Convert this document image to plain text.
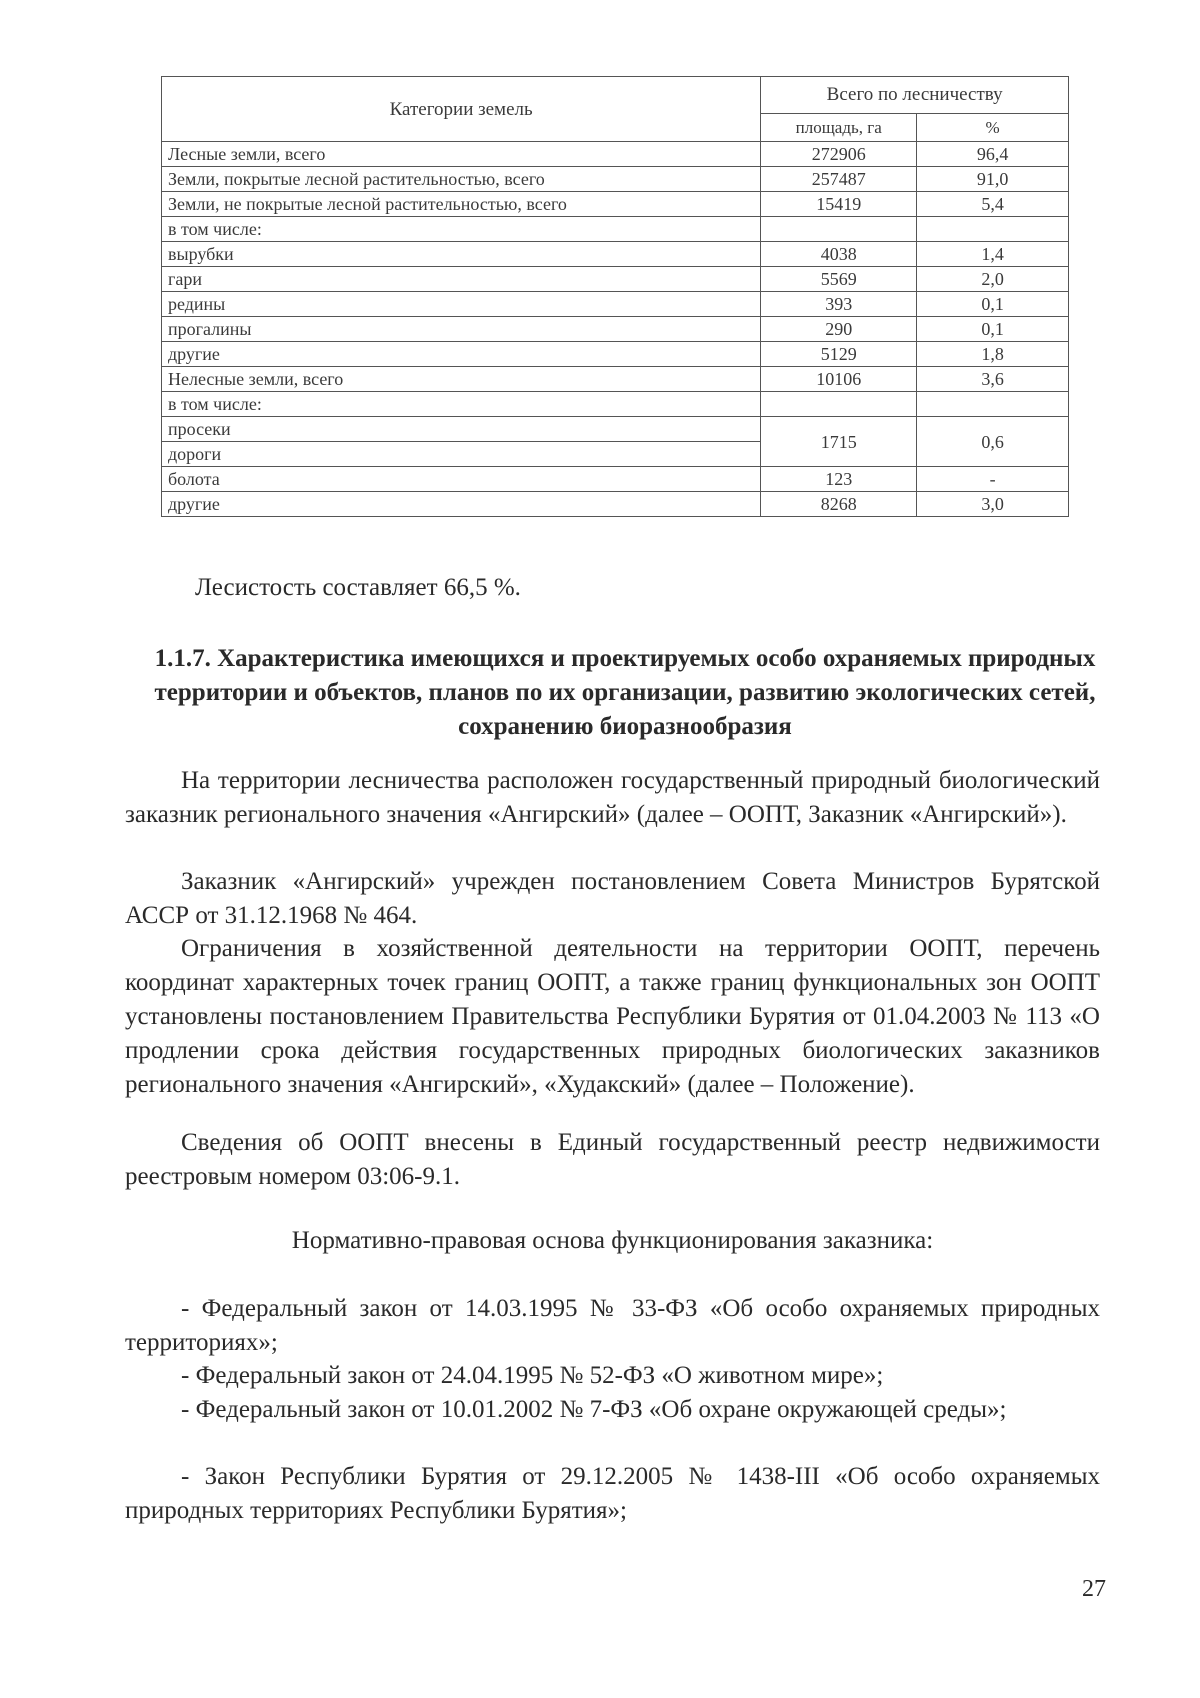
Категории земель	Всего по лесничеству	
	площадь, га	%
Лесные земли, всего	272906	96,4
Земли, покрытые лесной растительностью, всего	257487	91,0
Земли, не покрытые лесной растительностью, всего	15419	5,4
в том числе:		
вырубки	4038	1,4
гари	5569	2,0
редины	393	0,1
прогалины	290	0,1
другие	5129	1,8
Нелесные земли, всего	10106	3,6
в том числе:		
просеки	1715	0,6
дороги		
болота	123	-
другие	8268	3,0

Лесистость составляет 66,5 %.

1.1.7. Характеристика имеющихся и проектируемых особо охраняемых природных территории и объектов, планов по их организации, развитию экологических сетей, сохранению биоразнообразия

На территории лесничества расположен государственный природный биологический заказник регионального значения «Ангирский» (далее – ООПТ, Заказник «Ангирский»).

Заказник «Ангирский» учрежден постановлением Совета Министров Бурятской АССР от 31.12.1968 № 464.

Ограничения в хозяйственной деятельности на территории ООПТ, перечень координат характерных точек границ ООПТ, а также границ функциональных зон ООПТ установлены постановлением Правительства Республики Бурятия от 01.04.2003 № 113 «О продлении срока действия государственных природных биологических заказников регионального значения «Ангирский», «Худакский» (далее – Положение).

Сведения об ООПТ внесены в Единый государственный реестр недвижимости реестровым номером 03:06-9.1.

Нормативно-правовая основа функционирования заказника:

- Федеральный закон от 14.03.1995 № 33-ФЗ «Об особо охраняемых природных территориях»;

- Федеральный закон от 24.04.1995 № 52-ФЗ «О животном мире»;

- Федеральный закон от 10.01.2002 № 7-ФЗ «Об охране окружающей среды»;

- Закон Республики Бурятия от 29.12.2005 № 1438-III «Об особо охраняемых природных территориях Республики Бурятия»;

27
